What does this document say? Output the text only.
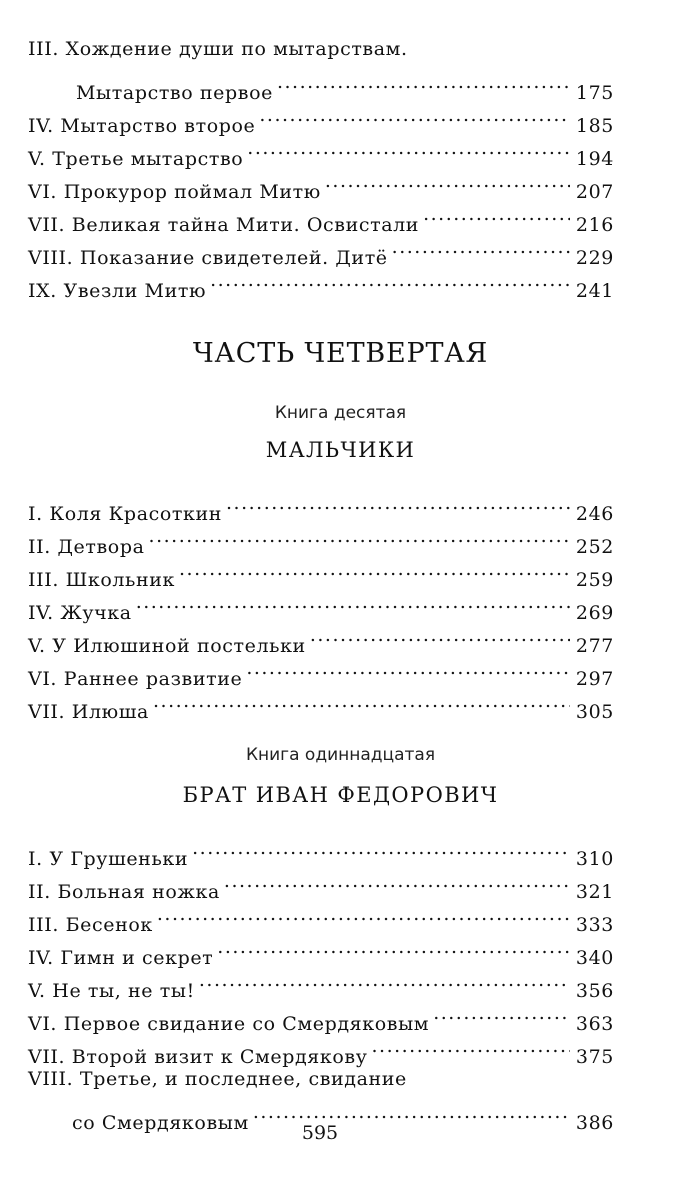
III. Хождение души по мытарствам.
Мытарство первое .....	175
IV. Мытарство второе .....	185
V. Третье мытарство .....	194
VI. Прокурор поймал Митю .....	207
VII. Великая тайна Мити. Освистали .....	216
VIII. Показание свидетелей. Дитё .....	229
IX. Увезли Митю .....	241
ЧАСТЬ ЧЕТВЕРТАЯ
Книга десятая
МАЛЬЧИКИ
I. Коля Красоткин .....	246
II. Детвора .....	252
III. Школьник .....	259
IV. Жучка .....	269
V. У Илюшиной постельки .....	277
VI. Раннее развитие .....	297
VII. Илюша .....	305
Книга одиннадцатая
БРАТ ИВАН ФЕДОРОВИЧ
I. У Грушеньки .....	310
II. Больная ножка .....	321
III. Бесенок .....	333
IV. Гимн и секрет .....	340
V. Не ты, не ты! .....	356
VI. Первое свидание со Смердяковым .....	363
VII. Второй визит к Смердякову .....	375
VIII. Третье, и последнее, свидание
со Смердяковым .....	386
595
